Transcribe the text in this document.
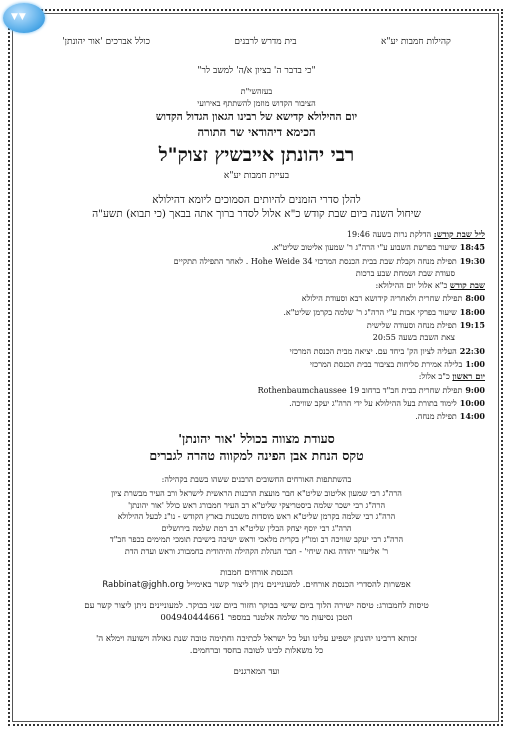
▼▼
קהילות חמבות יע"א
בית מדרש לרבנים
כולל אברכים 'אור יהונתן'
"כי בדבר ה' בציון א/ה' למשב לר"
בעזהשי"ת
הציבור הקדוש מוזמן להשתתף באירועי
יום ההילולא קדישא של רבינו הגאון הגדול הקדוש
הכימא דיהודאי שר התורה
רבי יהונתן אייבשיץ זצוק"ל
בעיית חמבות יע"א
להלן סדרי הזמנים להיותים הסמוכים ליומא דהילולא
שיחול השנה ביום שבת קודש כ"א אלול לסדר ברוך אתה בבאך (כי תבוא) תשע"ה
ליל שבת קודש: הדלקת נרות בשעה 19:46
18:45שיעור בפרשת השבוע ע"י הרה"ג ר' שמעון אליטוב שליט"א.
19:30תפילת מנחה וקבלת שבת בבית הכנסת המרכזי Hohe Weide 34 . לאחר התפילה תתקיים
סעודת שבת ושמחת שבע ברכות
שבת קודש כ"א אלול יום ההילולא:
8:00תפילת שחרית ולאחריה קידושא רבא וסעודת הילולא
18:00שיעור בפרקי אבות ע"י הרה"ג ר' שלמה בקרמן שליט"א.
19:15תפילת מנחה וסעודה שלישית
צאת השבת בשעה 20:55
22:30העליה לציון הק' ביחד עם. יציאה מבית הכנסת המרכזי
1:00בלילה אמירת סליחות בציבור בבית הכנסת המרכזי
יום ראשון כ"ב אלול:
9:00תפילת שחרית בבית חב"ד ברחוב 19 Rothenbaumchaussee
10:00לימוד בתורת בעל ההילולא על ידי הרה"ג יעקב שוויכה.
14:00תפילת מנחה.
סעודת מצווה בכולל 'אור יהונתן'
טקס הנחת אבן הפינה למקווה טהרה לגברים
בהשתתפות האורחים החשובים הרבנים ששהו בשבת בקהילה:
הרה"ג רבי שמעון אליטוב שליט"א חבר מועצת הרבנות הראשית לישראל ורב העיר מבשרת ציון
הרה"ג רבי ישכר שלמה ביסטריצקי שליט"א רב העיר חמבורג ראש כולל 'אור יהונתן'
הרה"ג רבי שלמה בקרמן שליט"א ראש מוסדות משכנות בארץ הקודש - נו"נ לבעל ההילולא
הרה"ג רבי יוסף יצחק הבלין שליט"א רב רמת שלמה בירושלים
הרה"ג רבי יעקב שוויכה רב ומו"ץ בקרית מלאכי וראש ישיבה בישיבת תומכי תמימים בכפר חב"ד
ר' אליעזר יהודה גאה שיחי' - חבר הנהלת הקהילה והיהודית בחמבורג וראש ועדת הדת
הכנסת אורחים חמבות
אפשרות להסדרי הכנסת אורחים. למעוניינים ניתן ליצור קשר באימייל Rabbinat@jghh.org
טיסות לחמבורג: טיסה ישירה הלוך ביום שישי בבוקר וחזור ביום שני בבוקר. למעוניינים ניתן ליצור קשר עם
הטכן נסיעות מר שלמה אלטנר במספר 004940444661
זכותא דרבינו יהונתן ישפיע עלינו ועל כל ישראל לכתיבה וחתימה טובה שנת גאולה וישועה וימלא ה'
כל משאלות לבינו לטובה בחסד וברחמים.
ועד המארגנים
